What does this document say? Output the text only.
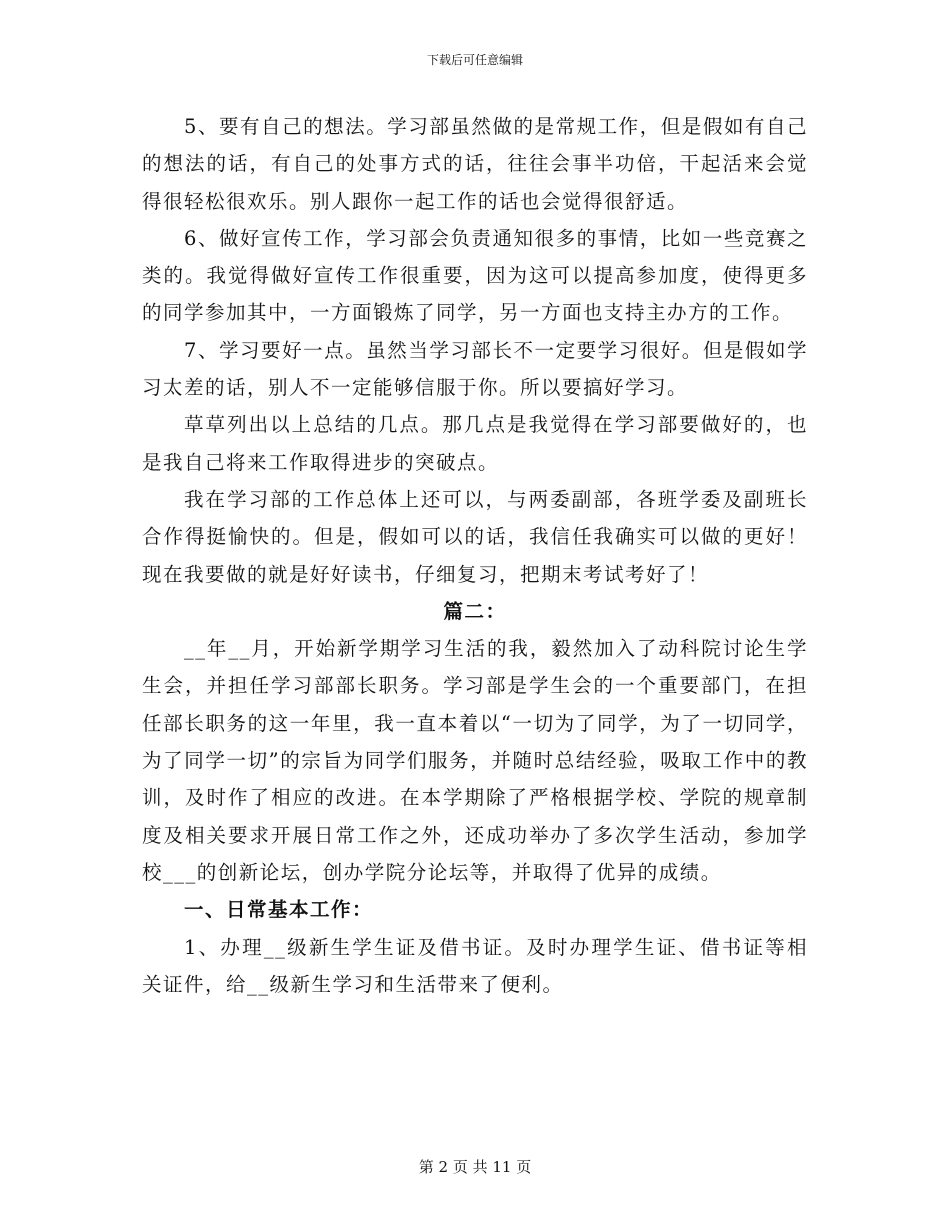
下载后可任意编辑

5、要有自己的想法。学习部虽然做的是常规工作，但是假如有自己的想法的话，有自己的处事方式的话，往往会事半功倍，干起活来会觉得很轻松很欢乐。别人跟你一起工作的话也会觉得很舒适。

6、做好宣传工作，学习部会负责通知很多的事情，比如一些竞赛之类的。我觉得做好宣传工作很重要，因为这可以提高参加度，使得更多的同学参加其中，一方面锻炼了同学，另一方面也支持主办方的工作。

7、学习要好一点。虽然当学习部长不一定要学习很好。但是假如学习太差的话，别人不一定能够信服于你。所以要搞好学习。

草草列出以上总结的几点。那几点是我觉得在学习部要做好的，也是我自己将来工作取得进步的突破点。

我在学习部的工作总体上还可以，与两委副部，各班学委及副班长合作得挺愉快的。但是，假如可以的话，我信任我确实可以做的更好！现在我要做的就是好好读书，仔细复习，把期末考试考好了！

篇二：

__年__月，开始新学期学习生活的我，毅然加入了动科院讨论生学生会，并担任学习部部长职务。学习部是学生会的一个重要部门，在担任部长职务的这一年里，我一直本着以“一切为了同学，为了一切同学，为了同学一切”的宗旨为同学们服务，并随时总结经验，吸取工作中的教训，及时作了相应的改进。在本学期除了严格根据学校、学院的规章制度及相关要求开展日常工作之外，还成功举办了多次学生活动，参加学校___的创新论坛，创办学院分论坛等，并取得了优异的成绩。

一、日常基本工作：

1、办理__级新生学生证及借书证。及时办理学生证、借书证等相关证件，给__级新生学习和生活带来了便利。

第 2 页 共 11 页
